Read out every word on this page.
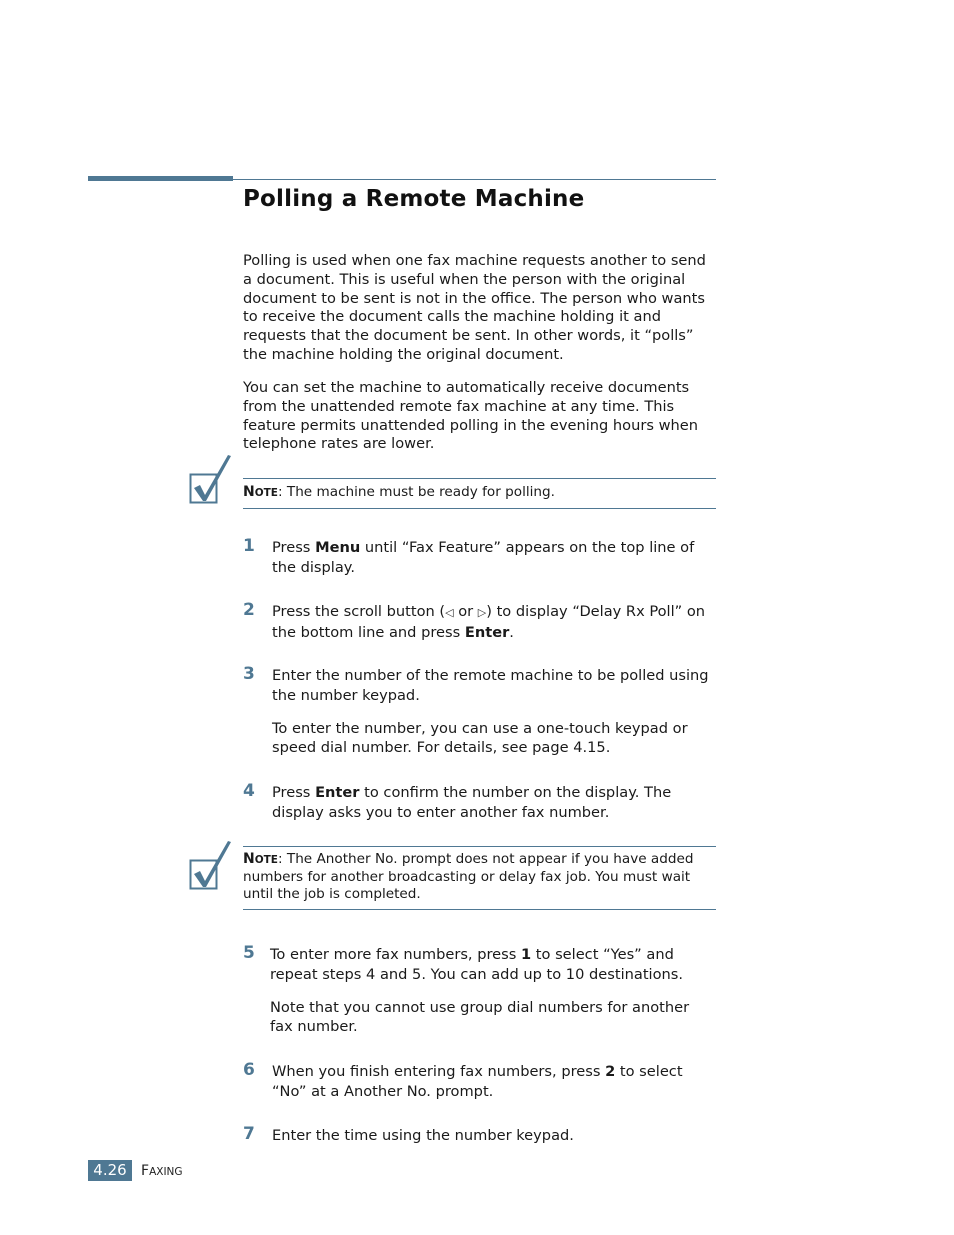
Polling a Remote Machine
Polling is used when one fax machine requests another to send a document. This is useful when the person with the original document to be sent is not in the office. The person who wants to receive the document calls the machine holding it and requests that the document be sent. In other words, it “polls” the machine holding the original document.
You can set the machine to automatically receive documents from the unattended remote fax machine at any time. This feature permits unattended polling in the evening hours when telephone rates are lower.
NOTE: The machine must be ready for polling.
1 Press Menu until “Fax Feature” appears on the top line of the display.
2 Press the scroll button (◁ or ▷) to display “Delay Rx Poll” on the bottom line and press Enter.
3 Enter the number of the remote machine to be polled using the number keypad.
To enter the number, you can use a one-touch keypad or speed dial number. For details, see page 4.15.
4 Press Enter to confirm the number on the display. The display asks you to enter another fax number.
NOTE: The Another No. prompt does not appear if you have added numbers for another broadcasting or delay fax job. You must wait until the job is completed.
5 To enter more fax numbers, press 1 to select “Yes” and repeat steps 4 and 5. You can add up to 10 destinations.
Note that you cannot use group dial numbers for another fax number.
6 When you finish entering fax numbers, press 2 to select “No” at a Another No. prompt.
7 Enter the time using the number keypad.
4.26	FAXING
